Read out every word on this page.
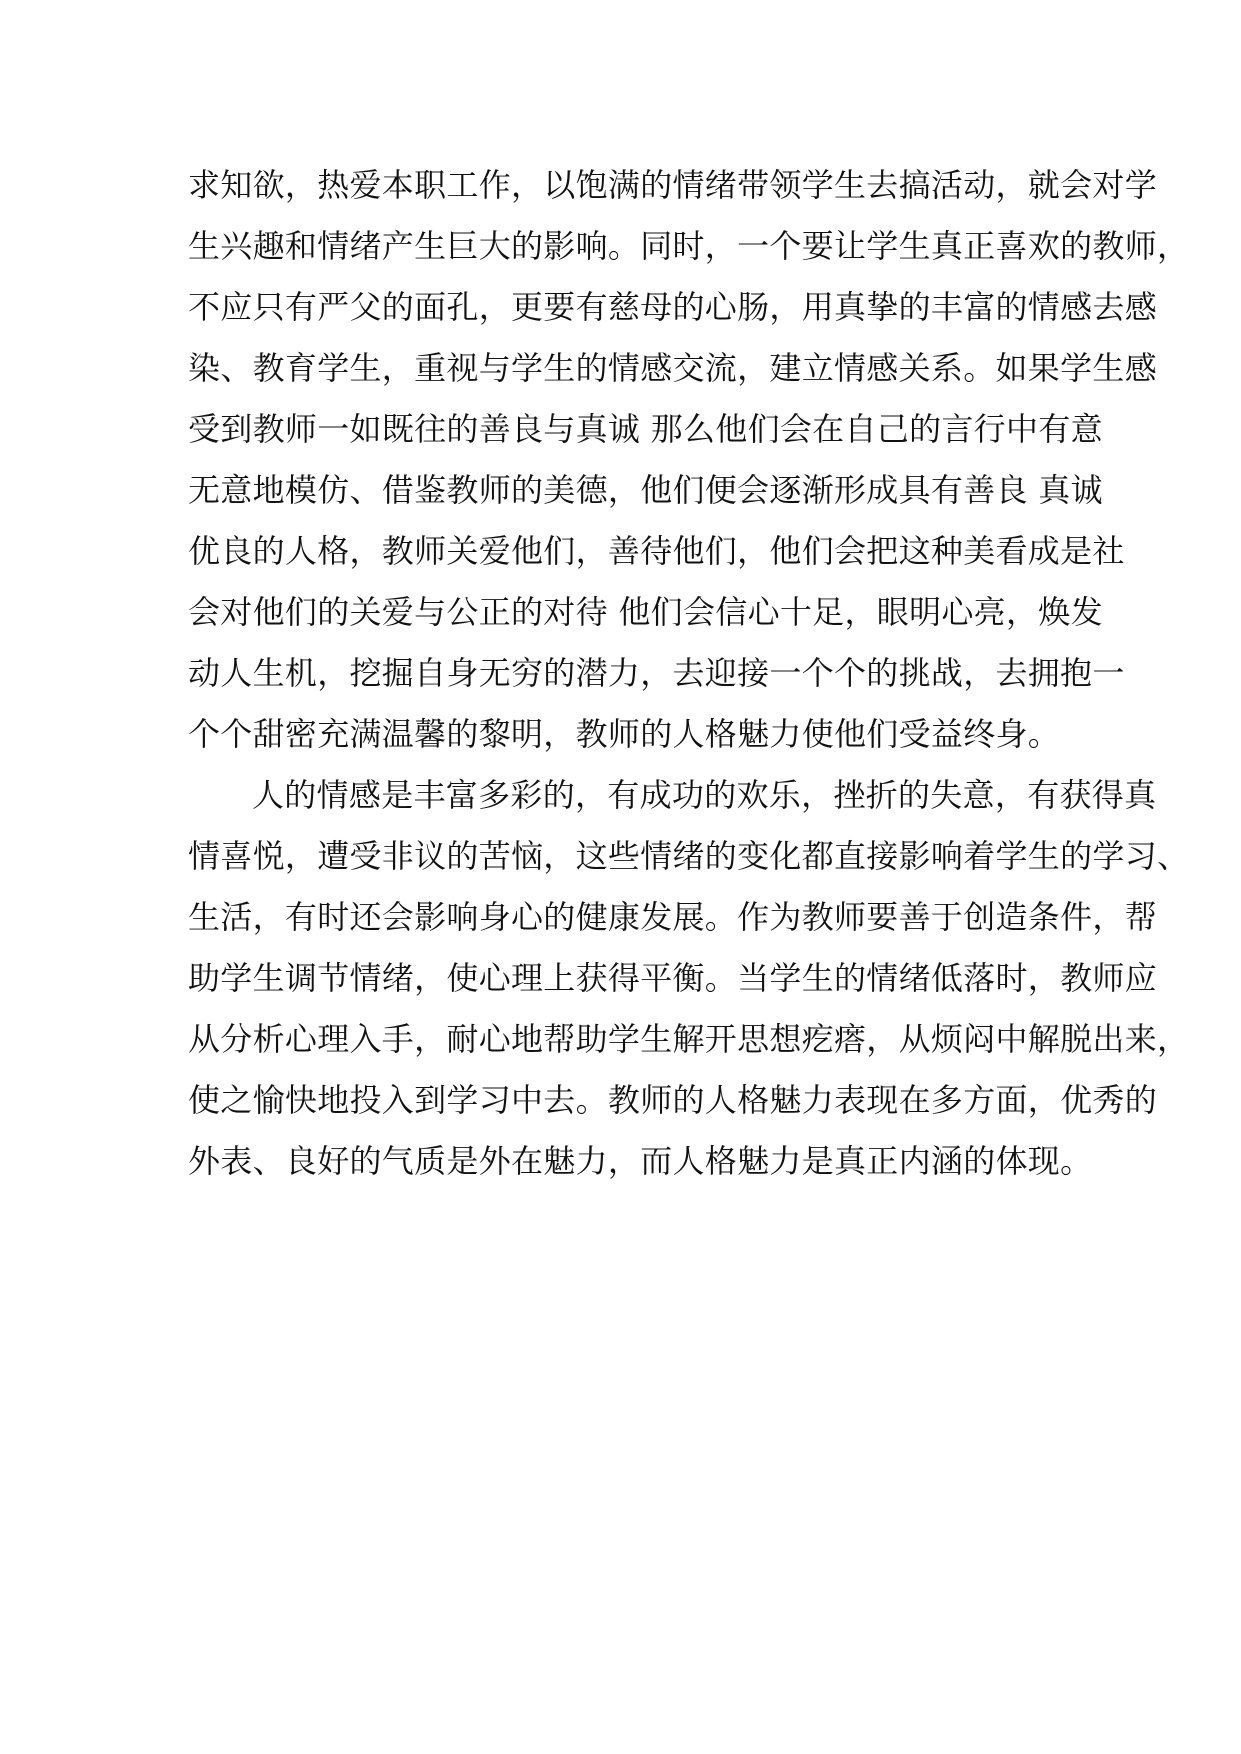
求知欲，热爱本职工作，以饱满的情绪带领学生去搞活动，就会对学
生兴趣和情绪产生巨大的影响。同时，一个要让学生真正喜欢的教师，
不应只有严父的面孔，更要有慈母的心肠，用真挚的丰富的情感去感
染、教育学生，重视与学生的情感交流，建立情感关系。如果学生感
受到教师一如既往的善良与真诚 那么他们会在自己的言行中有意
无意地模仿、借鉴教师的美德，他们便会逐渐形成具有善良 真诚
优良的人格，教师关爱他们，善待他们，他们会把这种美看成是社
会对他们的关爱与公正的对待 他们会信心十足，眼明心亮，焕发
动人生机，挖掘自身无穷的潜力，去迎接一个个的挑战，去拥抱一
个个甜密充满温馨的黎明，教师的人格魅力使他们受益终身。
人的情感是丰富多彩的，有成功的欢乐，挫折的失意，有获得真
情喜悦，遭受非议的苦恼，这些情绪的变化都直接影响着学生的学习、
生活，有时还会影响身心的健康发展。作为教师要善于创造条件，帮
助学生调节情绪，使心理上获得平衡。当学生的情绪低落时，教师应
从分析心理入手，耐心地帮助学生解开思想疙瘩，从烦闷中解脱出来，
使之愉快地投入到学习中去。教师的人格魅力表现在多方面，优秀的
外表、良好的气质是外在魅力，而人格魅力是真正内涵的体现。
